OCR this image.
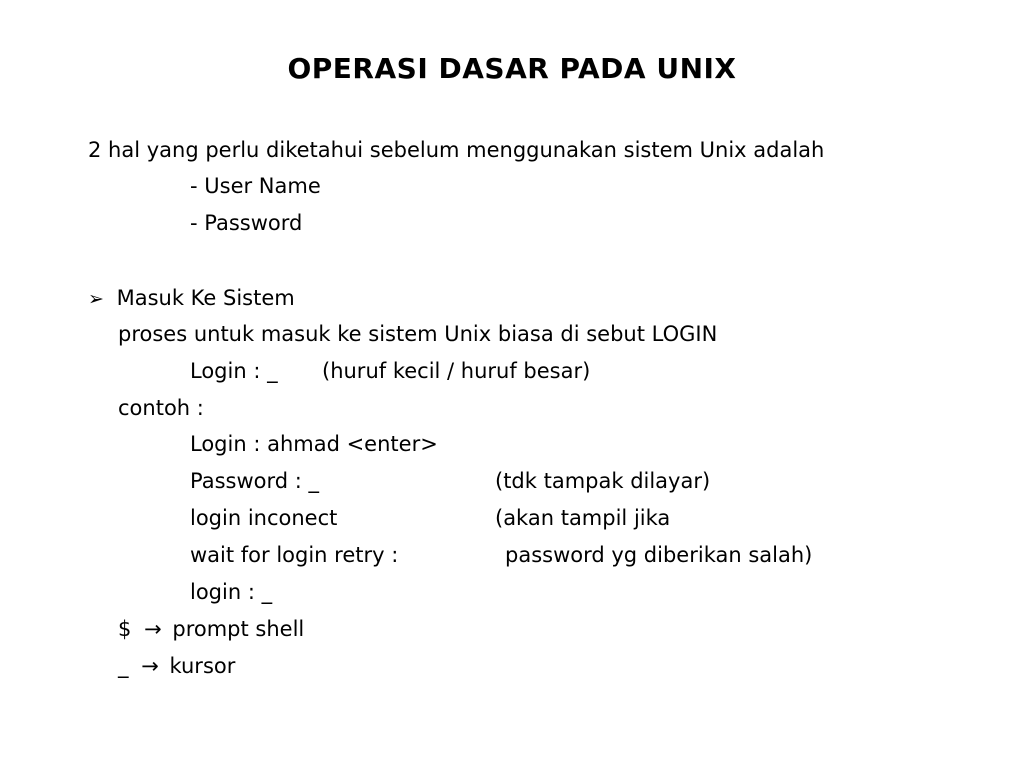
OPERASI DASAR PADA UNIX
2 hal yang perlu diketahui sebelum menggunakan sistem Unix adalah
- User Name
- Password
➢ Masuk Ke Sistem
proses untuk masuk ke sistem Unix biasa di sebut LOGIN
Login : _ (huruf kecil / huruf besar)
contoh :
Login : ahmad <enter>
Password : _	(tdk tampak dilayar)
login inconect	(akan tampil jika
wait for login retry :	password yg diberikan salah)
login : _
$ → prompt shell
_ → kursor
